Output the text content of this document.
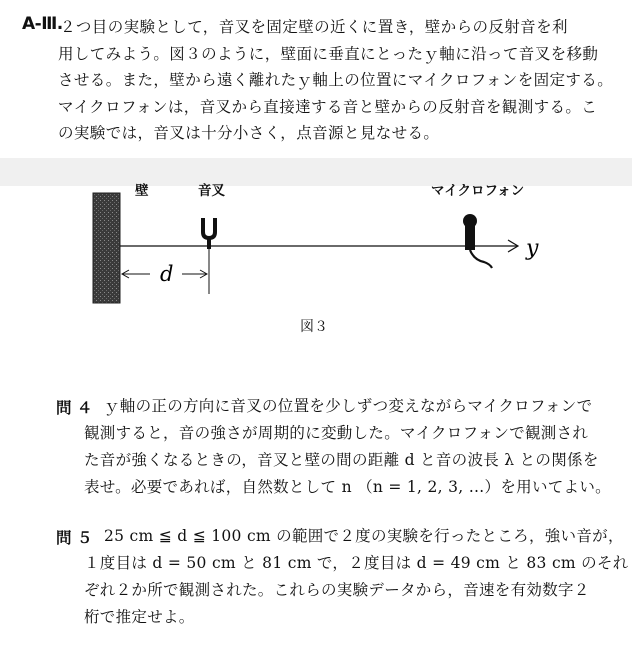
A-Ⅲ.
２つ目の実験として，音叉を固定壁の近くに置き，壁からの反射音を利
用してみよう。図３のように，壁面に垂直にとったｙ軸に沿って音叉を移動
させる。また，壁から遠く離れたｙ軸上の位置にマイクロフォンを固定する。
マイクロフォンは，音叉から直接達する音と壁からの反射音を観測する。こ
の実験では，音叉は十分小さく，点音源と見なせる。
y
d
壁	音叉	マイクロフォン
図３
問 ４ ｙ軸の正の方向に音叉の位置を少しずつ変えながらマイクロフォンで
観測すると，音の強さが周期的に変動した。マイクロフォンで観測され
た音が強くなるときの，音叉と壁の間の距離 d と音の波長 λ との関係を
表せ。必要であれば，自然数として n （n = 1, 2, 3, …）を用いてよい。
問 ５ 25 cm ≦ d ≦ 100 cm の範囲で２度の実験を行ったところ，強い音が，
１度目は d = 50 cm と 81 cm で，２度目は d = 49 cm と 83 cm のそれ
ぞれ２か所で観測された。これらの実験データから，音速を有効数字２
桁で推定せよ。
